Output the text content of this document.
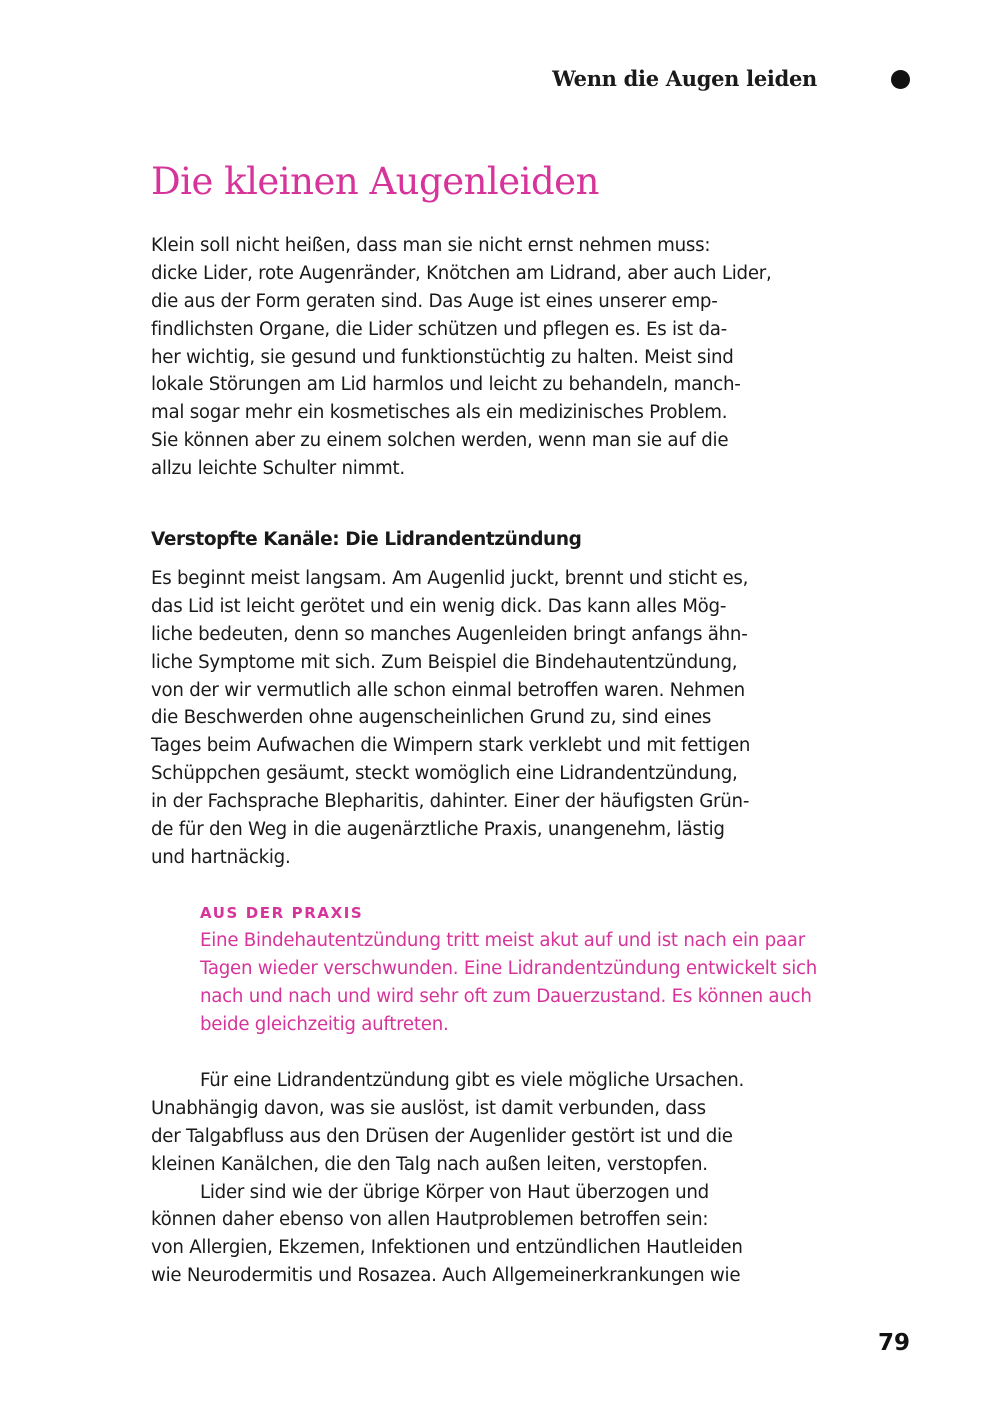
Wenn die Augen leiden
Die kleinen Augenleiden
Klein soll nicht heißen, dass man sie nicht ernst nehmen muss:
dicke Lider, rote Augenränder, Knötchen am Lidrand, aber auch Lider,
die aus der Form geraten sind. Das Auge ist eines unserer emp-
findlichsten Organe, die Lider schützen und pflegen es. Es ist da-
her wichtig, sie gesund und funktionstüchtig zu halten. Meist sind
lokale Störungen am Lid harmlos und leicht zu behandeln, manch-
mal sogar mehr ein kosmetisches als ein medizinisches Problem.
Sie können aber zu einem solchen werden, wenn man sie auf die
allzu leichte Schulter nimmt.
Verstopfte Kanäle: Die Lidrandentzündung
Es beginnt meist langsam. Am Augenlid juckt, brennt und sticht es,
das Lid ist leicht gerötet und ein wenig dick. Das kann alles Mög-
liche bedeuten, denn so manches Augenleiden bringt anfangs ähn-
liche Symptome mit sich. Zum Beispiel die Bindehautentzündung,
von der wir vermutlich alle schon einmal betroffen waren. Nehmen
die Beschwerden ohne augenscheinlichen Grund zu, sind eines
Tages beim Aufwachen die Wimpern stark verklebt und mit fettigen
Schüppchen gesäumt, steckt womöglich eine Lidrandentzündung,
in der Fachsprache Blepharitis, dahinter. Einer der häufigsten Grün-
de für den Weg in die augenärztliche Praxis, unangenehm, lästig
und hartnäckig.
AUS DER PRAXIS
Eine Bindehautentzündung tritt meist akut auf und ist nach ein paar
Tagen wieder verschwunden. Eine Lidrandentzündung entwickelt sich
nach und nach und wird sehr oft zum Dauerzustand. Es können auch
beide gleichzeitig auftreten.
Für eine Lidrandentzündung gibt es viele mögliche Ursachen.
Unabhängig davon, was sie auslöst, ist damit verbunden, dass
der Talgabfluss aus den Drüsen der Augenlider gestört ist und die
kleinen Kanälchen, die den Talg nach außen leiten, verstopfen.
Lider sind wie der übrige Körper von Haut überzogen und
können daher ebenso von allen Hautproblemen betroffen sein:
von Allergien, Ekzemen, Infektionen und entzündlichen Hautleiden
wie Neurodermitis und Rosazea. Auch Allgemeinerkrankungen wie
79
